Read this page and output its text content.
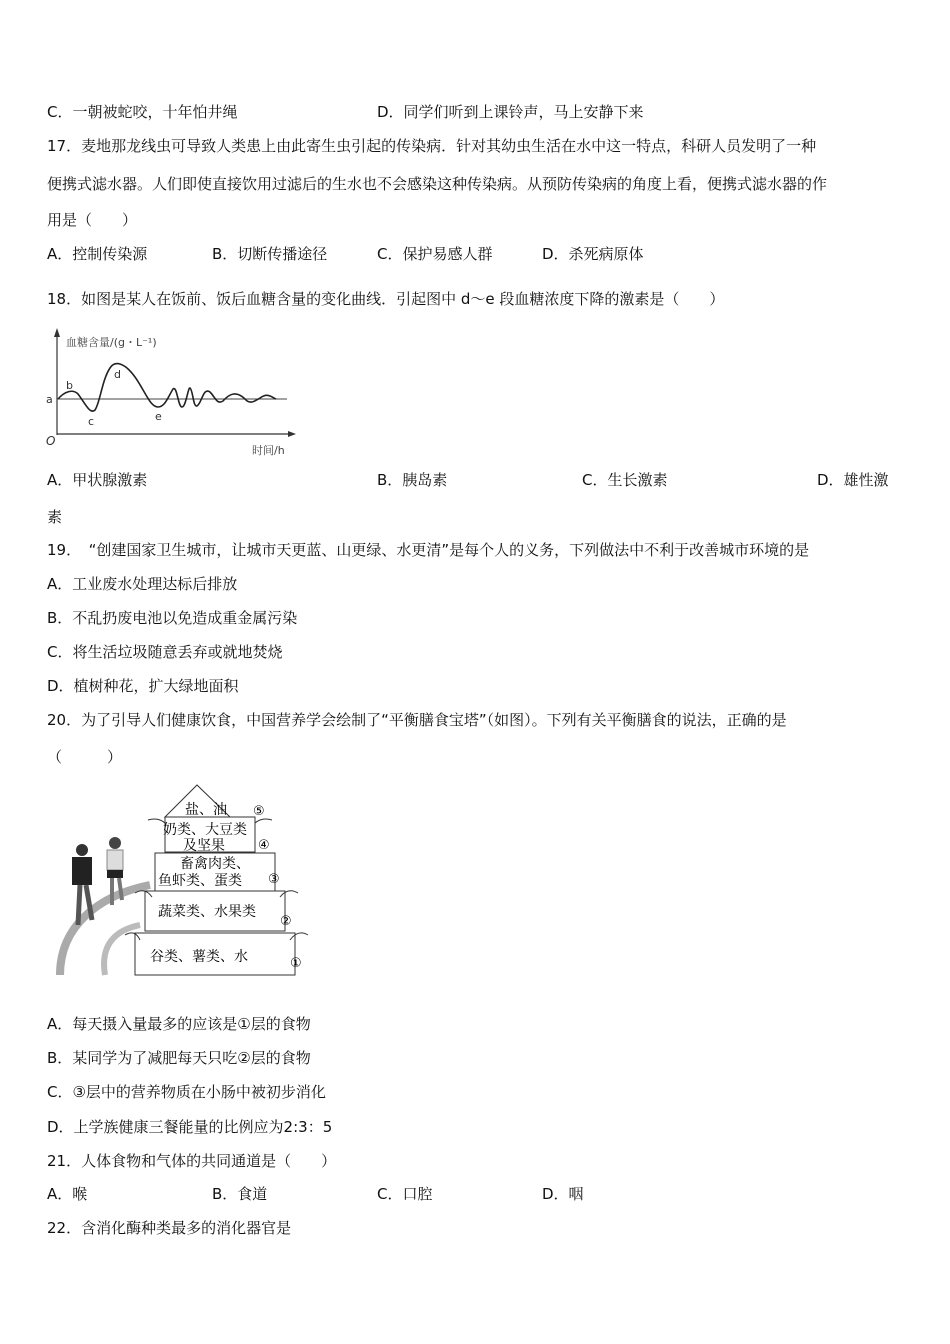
C．一朝被蛇咬，十年怕井绳	D．同学们听到上课铃声，马上安静下来
17．麦地那龙线虫可导致人类患上由此寄生虫引起的传染病．针对其幼虫生活在水中这一特点，科研人员发明了一种
便携式滤水器。人们即使直接饮用过滤后的生水也不会感染这种传染病。从预防传染病的角度上看，便携式滤水器的作
用是（　　）
A．控制传染源	B．切断传播途径	C．保护易感人群	D．杀死病原体
18．如图是某人在饭前、饭后血糖含量的变化曲线．引起图中 d～e 段血糖浓度下降的激素是（　　）
血糖含量/(g・L⁻¹)
时间/h
O
a
b
c
d
e
A．甲状腺激素	B．胰岛素	C．生长激素	D．雄性激
素
19．　“创建国家卫生城市，让城市天更蓝、山更绿、水更清”是每个人的义务，下列做法中不利于改善城市环境的是
A．工业废水处理达标后排放
B．不乱扔废电池以免造成重金属污染
C．将生活垃圾随意丢弃或就地焚烧
D．植树种花，扩大绿地面积
20．为了引导人们健康饮食，中国营养学会绘制了“平衡膳食宝塔”（如图）。下列有关平衡膳食的说法，正确的是
（　　　）
盐、油 ⑤
奶类、大豆类
及坚果	④
畜禽肉类、
鱼虾类、蛋类 ③
蔬菜类、水果类
②
谷类、薯类、水	①
A．每天摄入量最多的应该是①层的食物
B．某同学为了减肥每天只吃②层的食物
C．③层中的营养物质在小肠中被初步消化
D．上学族健康三餐能量的比例应为2:3：5
21．人体食物和气体的共同通道是（　　）
A．喉	B．食道	C．口腔	D．咽
22．含消化酶种类最多的消化器官是
